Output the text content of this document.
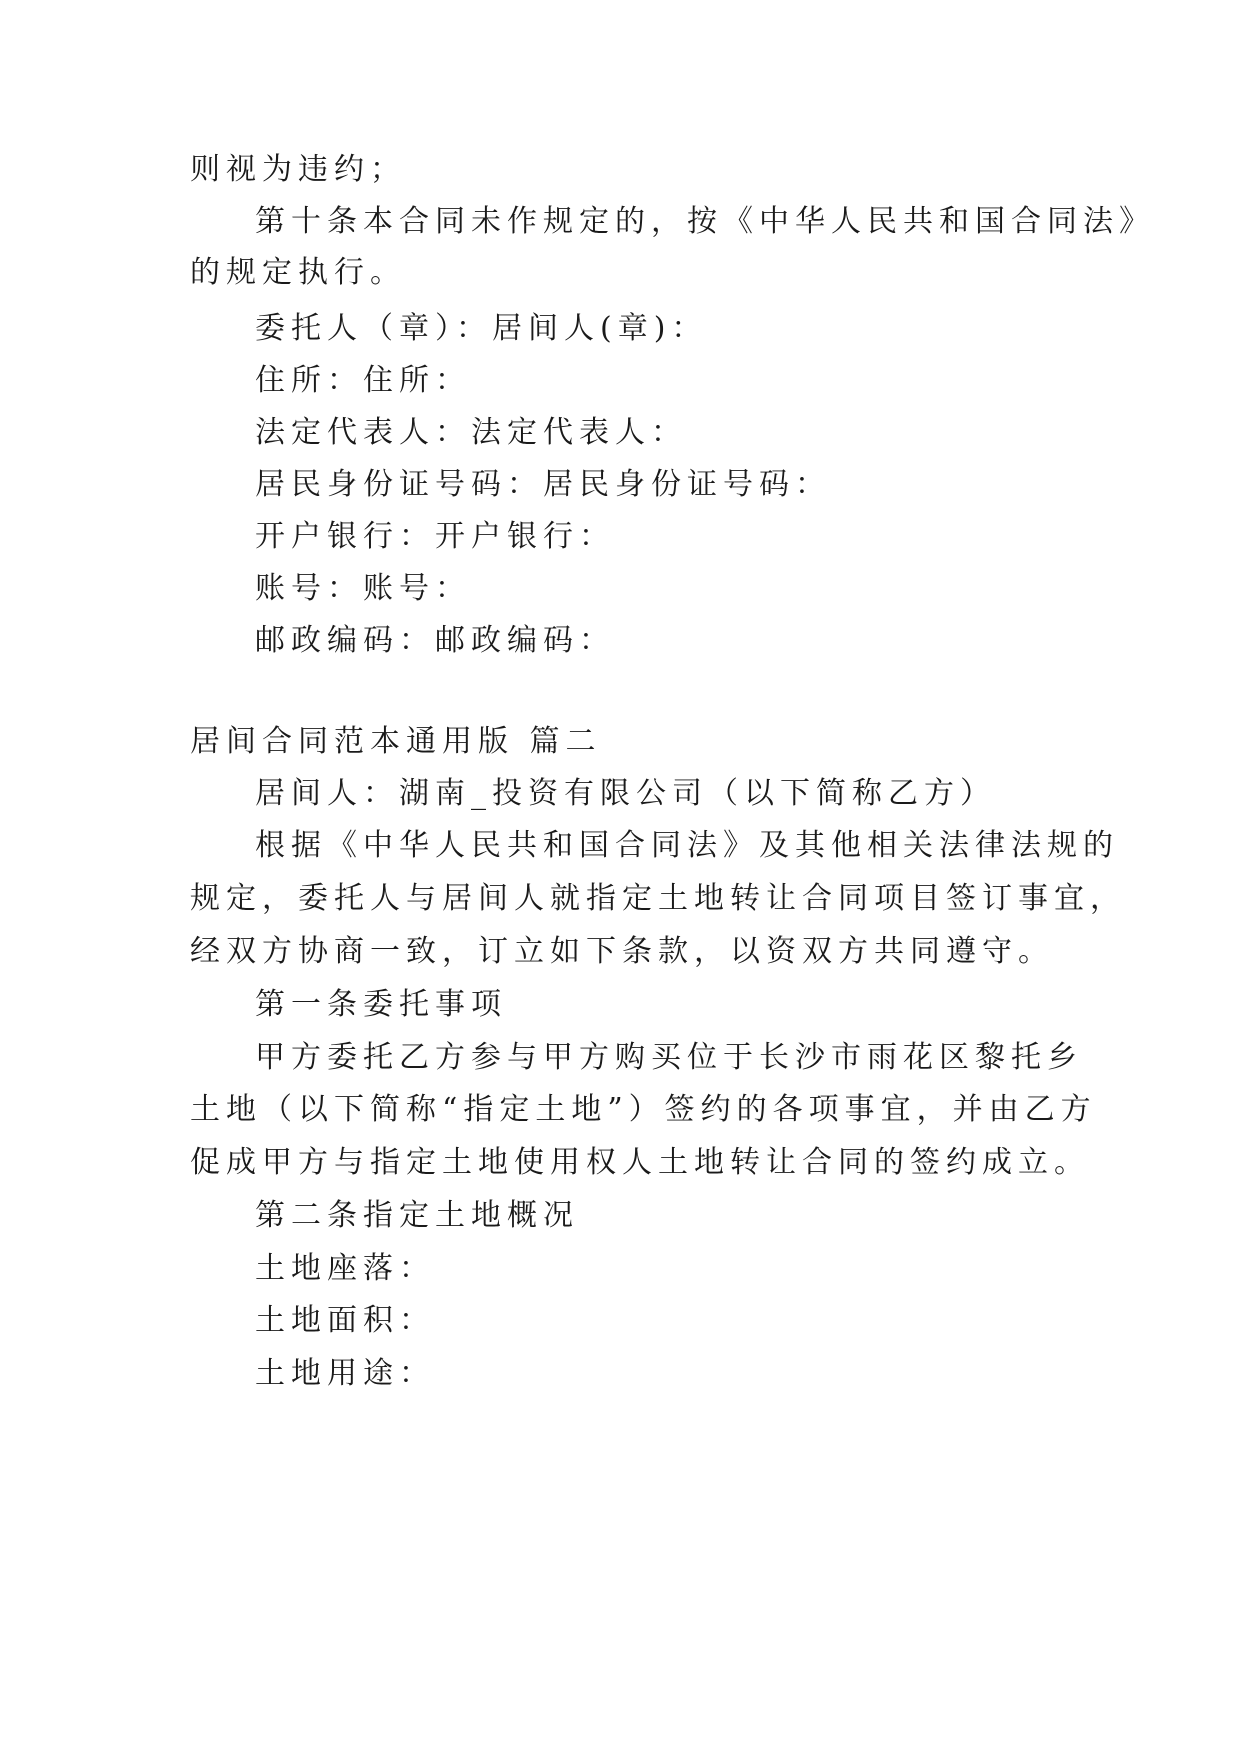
则视为违约；
第十条本合同未作规定的，按《中华人民共和国合同法》
的规定执行。
委托人（章）：居间人(章)：
住所：住所：
法定代表人：法定代表人：
居民身份证号码：居民身份证号码：
开户银行：开户银行：
账号：账号：
邮政编码：邮政编码：
居间合同范本通用版 篇二
居间人：湖南_投资有限公司（以下简称乙方）
根据《中华人民共和国合同法》及其他相关法律法规的
规定，委托人与居间人就指定土地转让合同项目签订事宜，
经双方协商一致，订立如下条款，以资双方共同遵守。
第一条委托事项
甲方委托乙方参与甲方购买位于长沙市雨花区黎托乡
土地（以下简称“指定土地”）签约的各项事宜，并由乙方
促成甲方与指定土地使用权人土地转让合同的签约成立。
第二条指定土地概况
土地座落：
土地面积：
土地用途：
